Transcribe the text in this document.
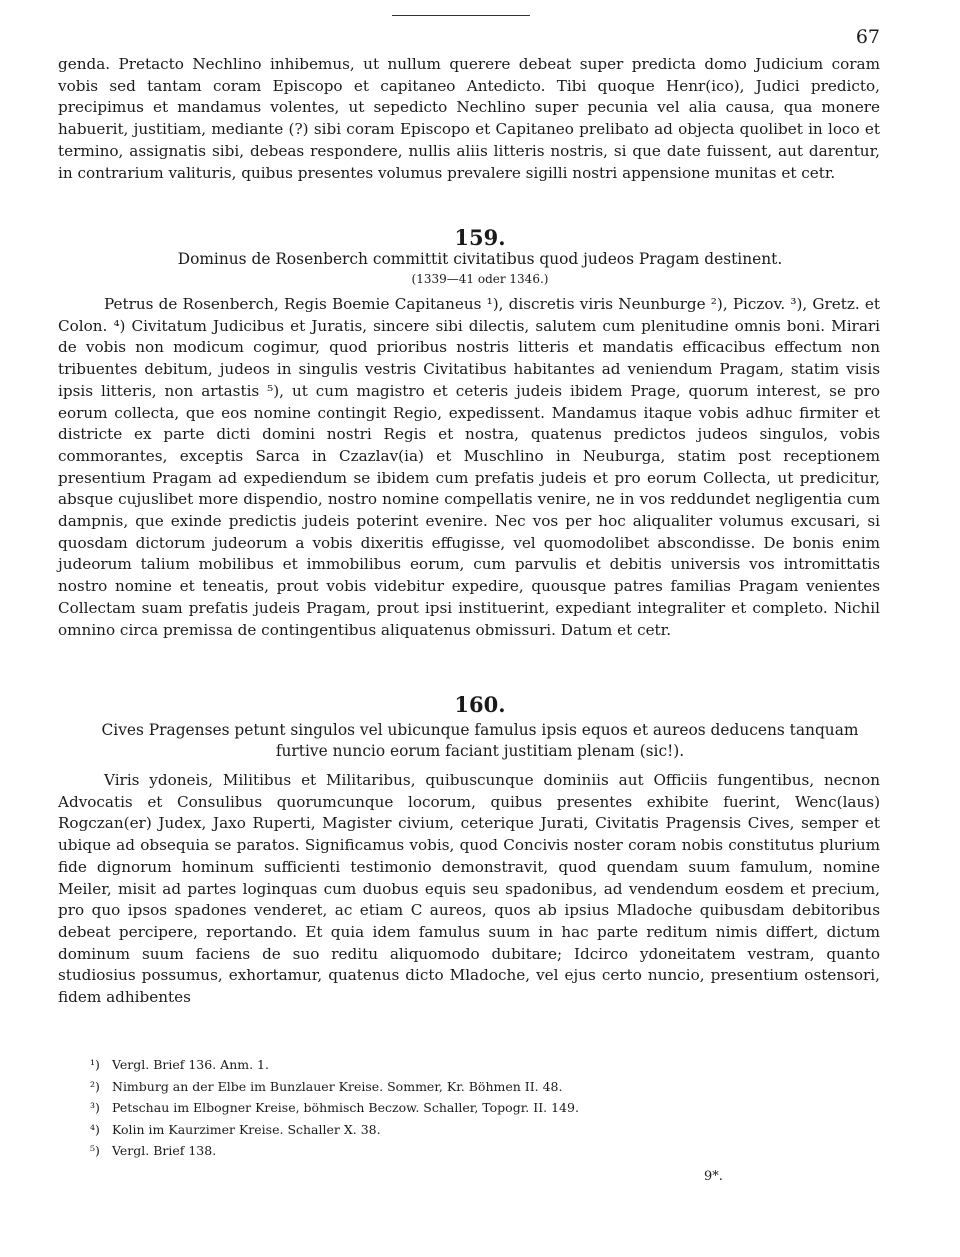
67

genda. Pretacto Nechlino inhibemus, ut nullum querere debeat super predicta domo Judicium coram vobis sed tantam coram Episcopo et capitaneo Antedicto. Tibi quoque Henr(ico), Judici predicto, precipimus et mandamus volentes, ut sepedicto Nechlino super pecunia vel alia causa, qua monere habuerit, justitiam, mediante (?) sibi coram Episcopo et Capitaneo prelibato ad objecta quolibet in loco et termino, assignatis sibi, debeas respondere, nullis aliis litteris nostris, si que date fuissent, aut darentur, in contrarium valituris, quibus presentes volumus prevalere sigilli nostri appensione munitas et cetr.

159.
Dominus de Rosenberch committit civitatibus quod judeos Pragam destinent.
(1339—41 oder 1346.)

Petrus de Rosenberch, Regis Boemie Capitaneus ¹), discretis viris Neunburge ²), Piczov. ³), Gretz. et Colon. ⁴) Civitatum Judicibus et Juratis, sincere sibi dilectis, salutem cum plenitudine omnis boni. Mirari de vobis non modicum cogimur, quod prioribus nostris litteris et mandatis efficacibus effectum non tribuentes debitum, judeos in singulis vestris Civitatibus habitantes ad veniendum Pragam, statim visis ipsis litteris, non artastis ⁵), ut cum magistro et ceteris judeis ibidem Prage, quorum interest, se pro eorum collecta, que eos nomine contingit Regio, expedissent. Mandamus itaque vobis adhuc firmiter et districte ex parte dicti domini nostri Regis et nostra, quatenus predictos judeos singulos, vobis commorantes, exceptis Sarca in Czazlav(ia) et Muschlino in Neuburga, statim post receptionem presentium Pragam ad expediendum se ibidem cum prefatis judeis et pro eorum Collecta, ut predicitur, absque cujuslibet more dispendio, nostro nomine compellatis venire, ne in vos reddundet negligentia cum dampnis, que exinde predictis judeis poterint evenire. Nec vos per hoc aliqualiter volumus excusari, si quosdam dictorum judeorum a vobis dixeritis effugisse, vel quomodolibet abscondisse. De bonis enim judeorum talium mobilibus et immobilibus eorum, cum parvulis et debitis universis vos intromittatis nostro nomine et teneatis, prout vobis videbitur expedire, quousque patres familias Pragam venientes Collectam suam prefatis judeis Pragam, prout ipsi instituerint, expediant integraliter et completo. Nichil omnino circa premissa de contingentibus aliquatenus obmissuri. Datum et cetr.

160.
Cives Pragenses petunt singulos vel ubicunque famulus ipsis equos et aureos deducens tanquam furtive nuncio eorum faciant justitiam plenam (sic!).

Viris ydoneis, Militibus et Militaribus, quibuscunque dominiis aut Officiis fungentibus, necnon Advocatis et Consulibus quorumcunque locorum, quibus presentes exhibite fuerint, Wenc(laus) Rogczan(er) Judex, Jaxo Ruperti, Magister civium, ceterique Jurati, Civitatis Pragensis Cives, semper et ubique ad obsequia se paratos. Significamus vobis, quod Concivis noster coram nobis constitutus plurium fide dignorum hominum sufficienti testimonio demonstravit, quod quendam suum famulum, nomine Meiler, misit ad partes loginquas cum duobus equis seu spadonibus, ad vendendum eosdem et precium, pro quo ipsos spadones venderet, ac etiam C aureos, quos ab ipsius Mladoche quibusdam debitoribus debeat percipere, reportando. Et quia idem famulus suum in hac parte reditum nimis differt, dictum dominum suum faciens de suo reditu aliquomodo dubitare; Idcirco ydoneitatem vestram, quanto studiosius possumus, exhortamur, quatenus dicto Mladoche, vel ejus certo nuncio, presentium ostensori, fidem adhibentes

¹) Vergl. Brief 136. Anm. 1.
²) Nimburg an der Elbe im Bunzlauer Kreise. Sommer, Kr. Böhmen II. 48.
³) Petschau im Elbogner Kreise, böhmisch Beczow. Schaller, Topogr. II. 149.
⁴) Kolin im Kaurzimer Kreise. Schaller X. 38.
⁵) Vergl. Brief 138.
9*.
